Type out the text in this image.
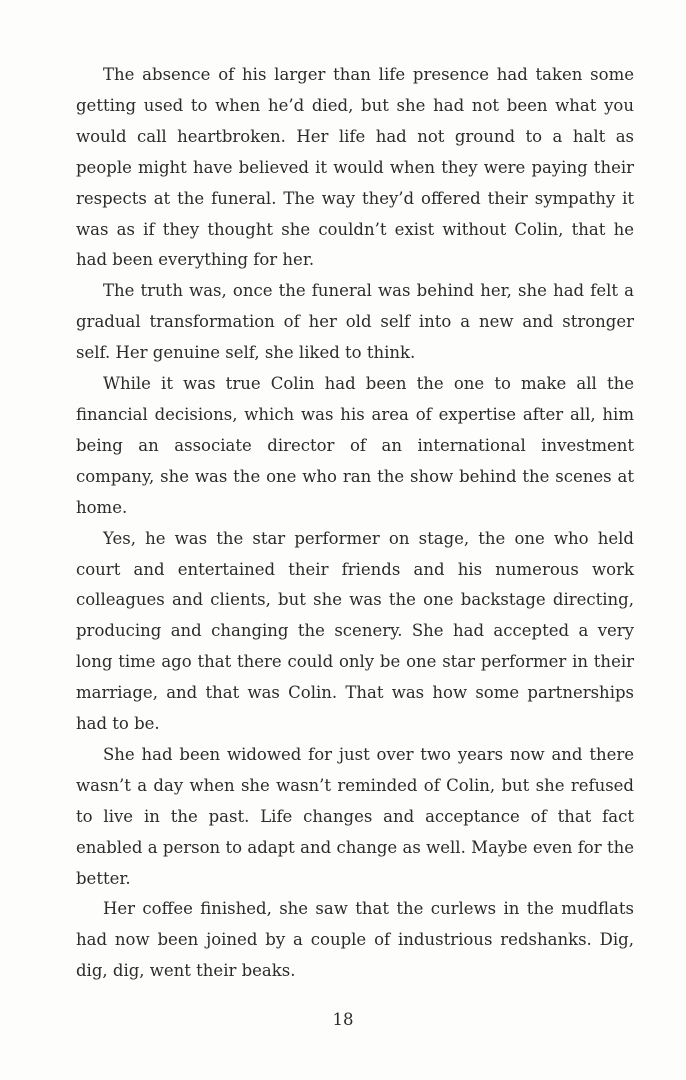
The absence of his larger than life presence had taken some getting used to when he’d died, but she had not been what you would call heartbroken. Her life had not ground to a halt as people might have believed it would when they were paying their respects at the funeral. The way they’d offered their sympathy it was as if they thought she couldn’t exist without Colin, that he had been everything for her.

The truth was, once the funeral was behind her, she had felt a gradual transformation of her old self into a new and stronger self. Her genuine self, she liked to think.

While it was true Colin had been the one to make all the financial decisions, which was his area of expertise after all, him being an associate director of an international investment company, she was the one who ran the show behind the scenes at home.

Yes, he was the star performer on stage, the one who held court and entertained their friends and his numerous work colleagues and clients, but she was the one backstage directing, producing and changing the scenery. She had accepted a very long time ago that there could only be one star performer in their marriage, and that was Colin. That was how some partnerships had to be.

She had been widowed for just over two years now and there wasn’t a day when she wasn’t reminded of Colin, but she refused to live in the past. Life changes and acceptance of that fact enabled a person to adapt and change as well. Maybe even for the better.

Her coffee finished, she saw that the curlews in the mudflats had now been joined by a couple of industrious redshanks. Dig, dig, dig, went their beaks.

18
